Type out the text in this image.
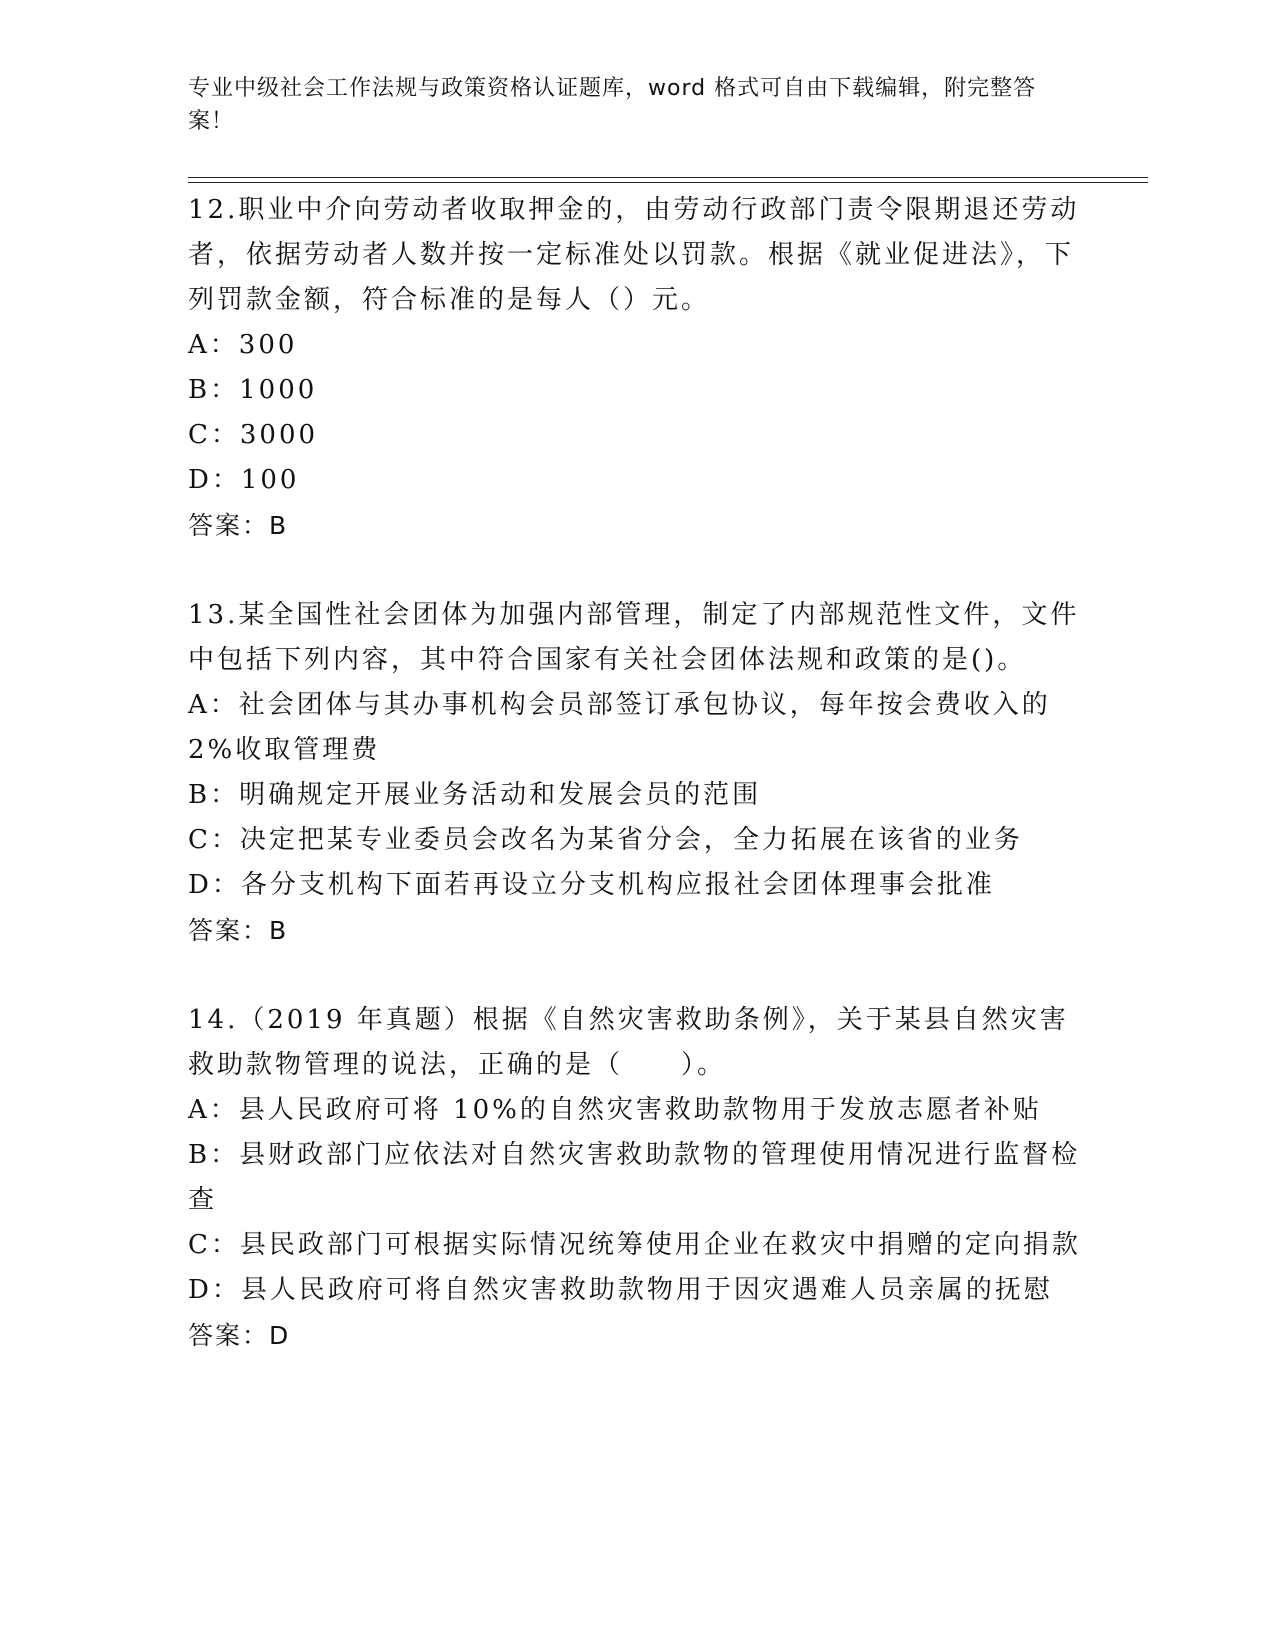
专业中级社会工作法规与政策资格认证题库，word 格式可自由下载编辑，附完整答案！
12.职业中介向劳动者收取押金的，由劳动行政部门责令限期退还劳动者，依据劳动者人数并按一定标准处以罚款。根据《就业促进法》，下列罚款金额，符合标准的是每人（）元。
A：300
B：1000
C：3000
D：100
答案：B
13.某全国性社会团体为加强内部管理，制定了内部规范性文件，文件中包括下列内容，其中符合国家有关社会团体法规和政策的是()。
A：社会团体与其办事机构会员部签订承包协议，每年按会费收入的 2%收取管理费
B：明确规定开展业务活动和发展会员的范围
C：决定把某专业委员会改名为某省分会，全力拓展在该省的业务
D：各分支机构下面若再设立分支机构应报社会团体理事会批准
答案：B
14.（2019 年真题）根据《自然灾害救助条例》，关于某县自然灾害救助款物管理的说法，正确的是（　　）。
A：县人民政府可将 10%的自然灾害救助款物用于发放志愿者补贴
B：县财政部门应依法对自然灾害救助款物的管理使用情况进行监督检查
C：县民政部门可根据实际情况统筹使用企业在救灾中捐赠的定向捐款
D：县人民政府可将自然灾害救助款物用于因灾遇难人员亲属的抚慰
答案：D
